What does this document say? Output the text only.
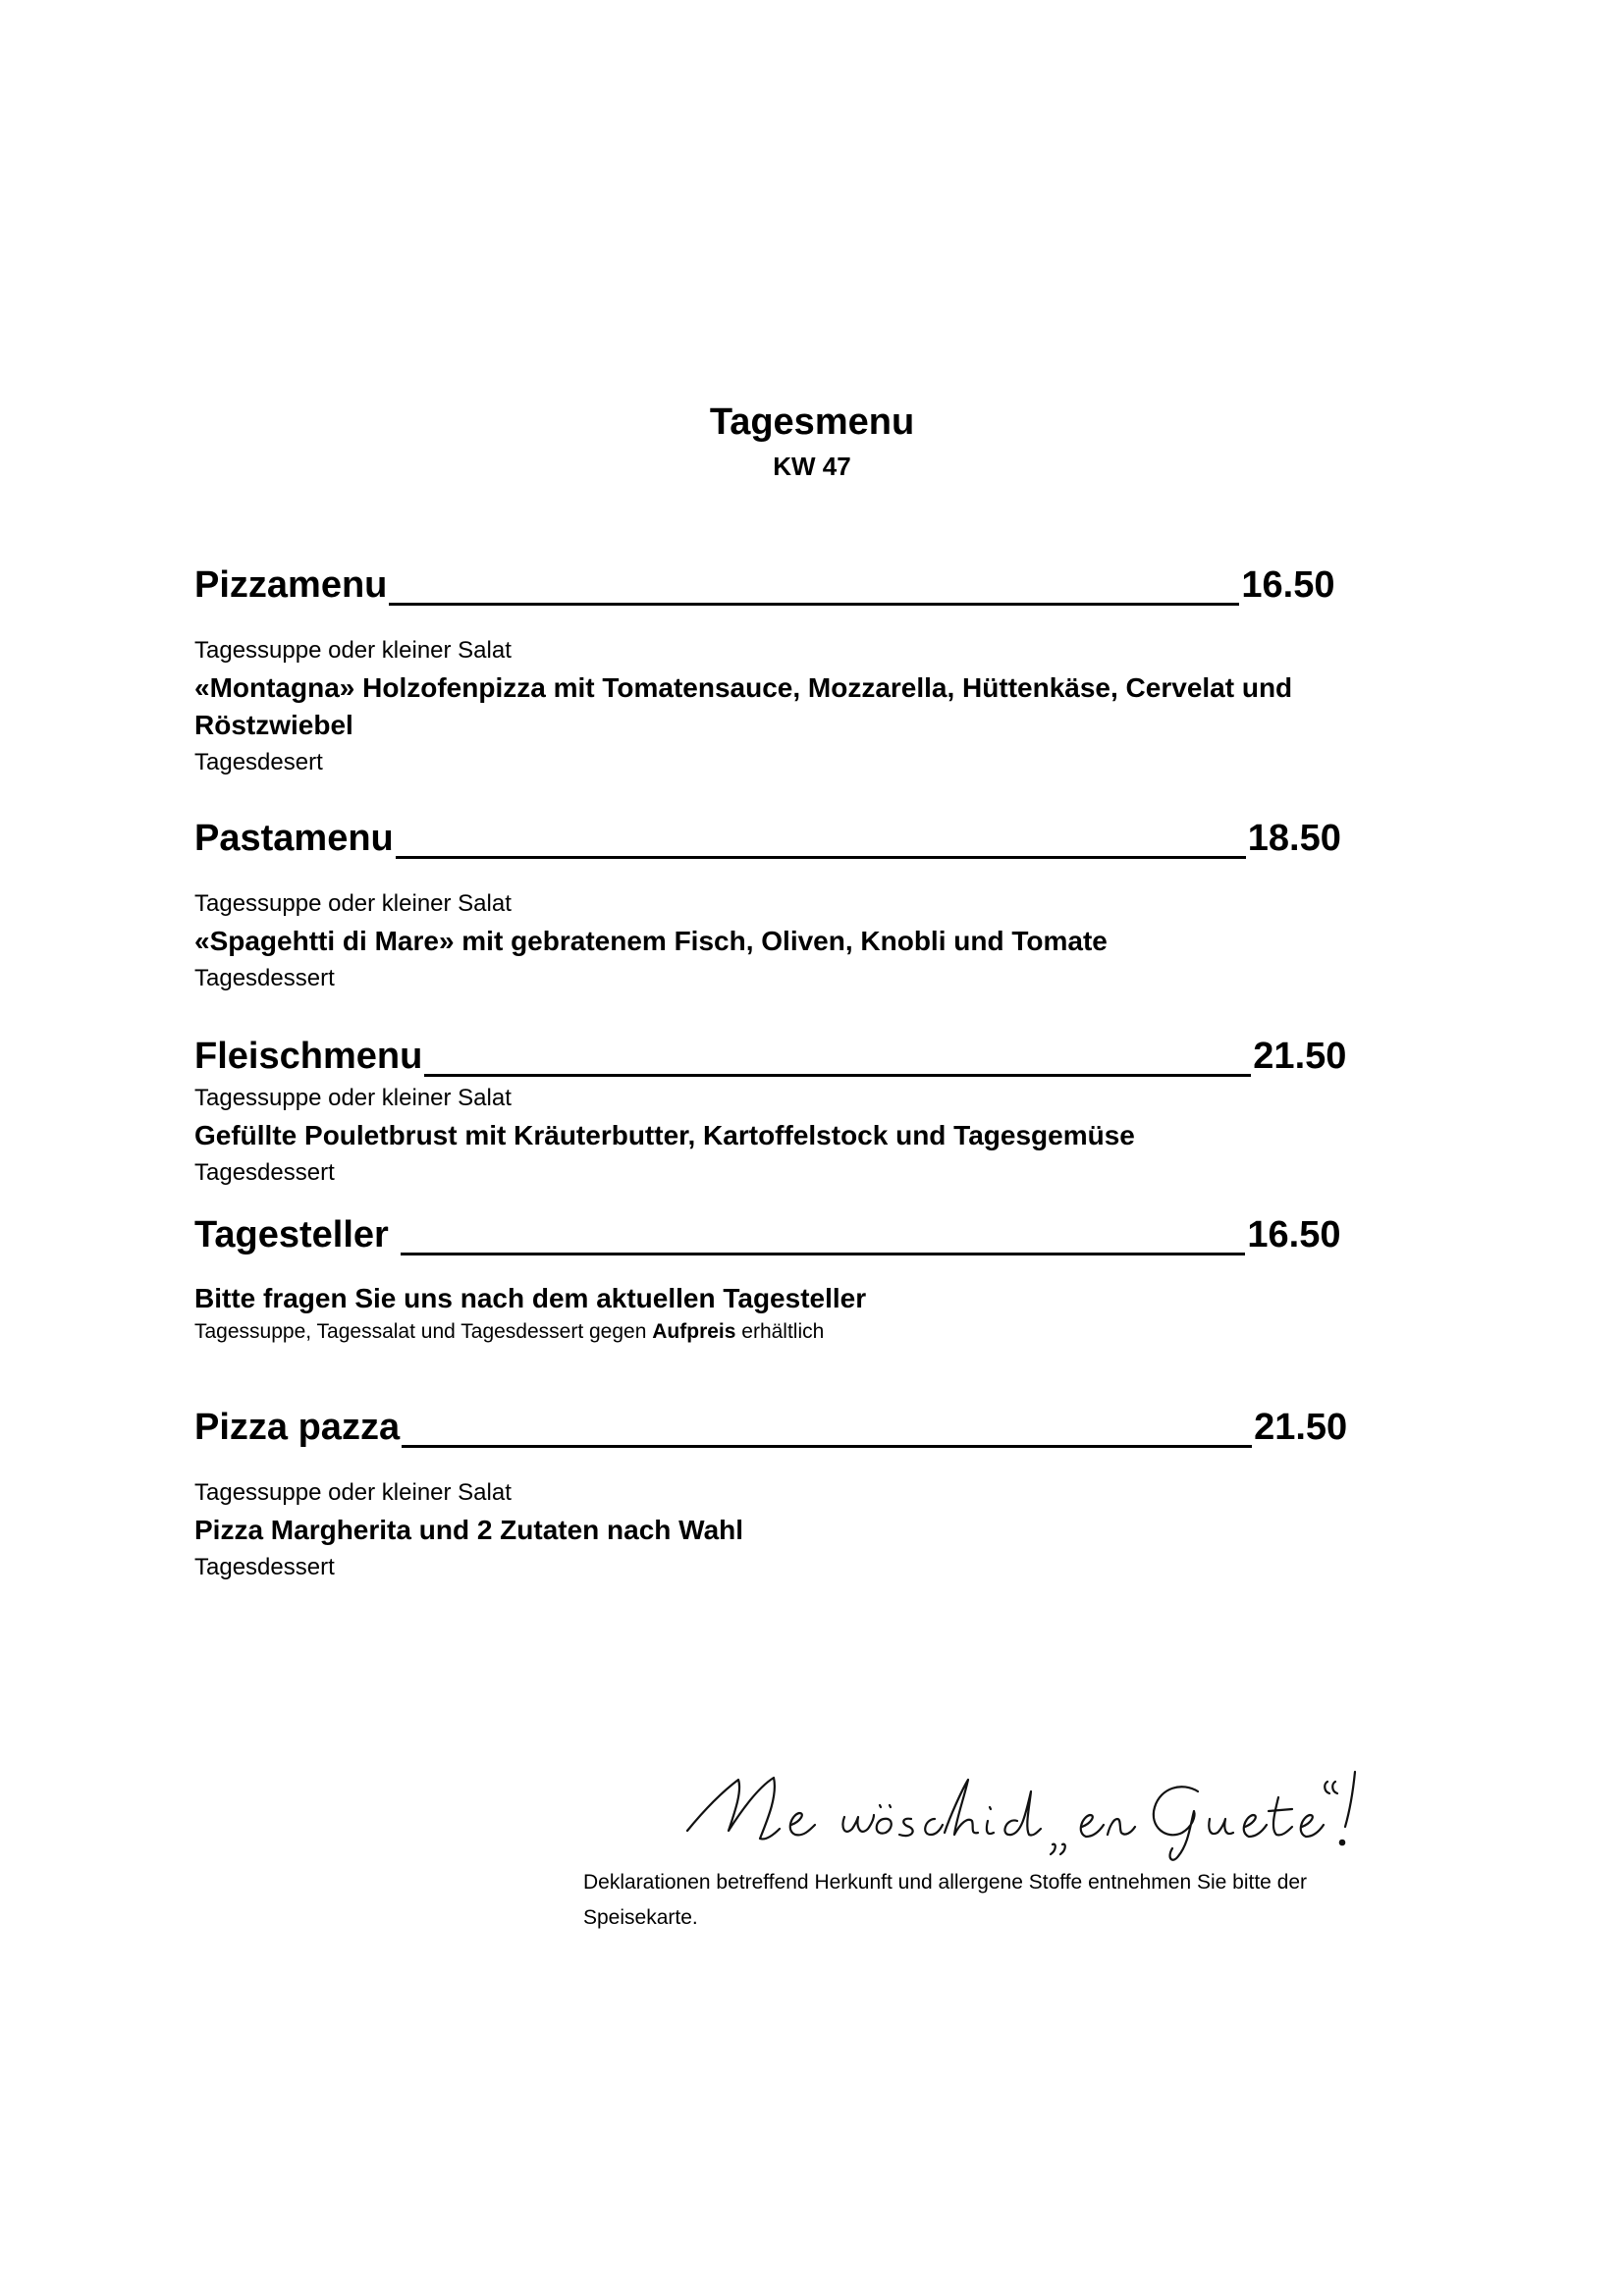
Tagesmenu
KW 47
Pizzamenu	16.50
Tagessuppe oder kleiner Salat
«Montagna» Holzofenpizza mit Tomatensauce, Mozzarella, Hüttenkäse, Cervelat und
Röstzwiebel
Tagesdesert
Pastamenu	18.50
Tagessuppe oder kleiner Salat
«Spagehtti di Mare» mit gebratenem Fisch, Oliven, Knobli und Tomate
Tagesdessert
Fleischmenu	21.50
Tagessuppe oder kleiner Salat
Gefüllte Pouletbrust mit Kräuterbutter, Kartoffelstock und Tagesgemüse
Tagesdessert
Tagesteller	16.50
Bitte fragen Sie uns nach dem aktuellen Tagesteller
Tagessuppe, Tagessalat und Tagesdessert gegen Aufpreis erhältlich
Pizza pazza	21.50
Tagessuppe oder kleiner Salat
Pizza Margherita und 2 Zutaten nach Wahl
Tagesdessert
Deklarationen betreffend Herkunft und allergene Stoffe entnehmen Sie bitte der
Speisekarte.
